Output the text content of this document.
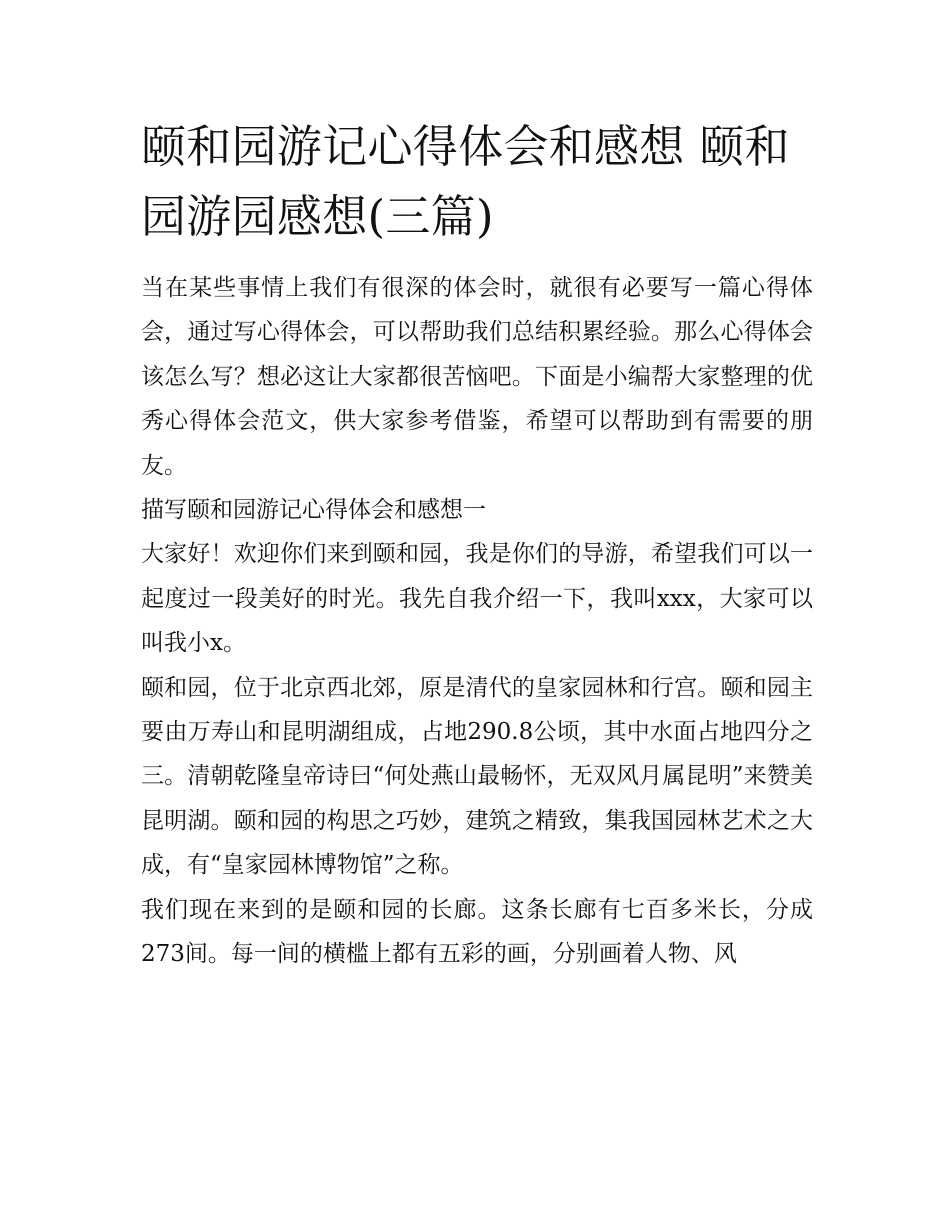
颐和园游记心得体会和感想 颐和园游园感想(三篇)

当在某些事情上我们有很深的体会时，就很有必要写一篇心得体会，通过写心得体会，可以帮助我们总结积累经验。那么心得体会该怎么写？想必这让大家都很苦恼吧。下面是小编帮大家整理的优秀心得体会范文，供大家参考借鉴，希望可以帮助到有需要的朋友。

描写颐和园游记心得体会和感想一

大家好！欢迎你们来到颐和园，我是你们的导游，希望我们可以一起度过一段美好的时光。我先自我介绍一下，我叫xxx，大家可以叫我小x。

颐和园，位于北京西北郊，原是清代的皇家园林和行宫。颐和园主要由万寿山和昆明湖组成，占地290.8公顷，其中水面占地四分之三。清朝乾隆皇帝诗曰“何处燕山最畅怀，无双风月属昆明”来赞美昆明湖。颐和园的构思之巧妙，建筑之精致，集我国园林艺术之大成，有“皇家园林博物馆”之称。

我们现在来到的是颐和园的长廊。这条长廊有七百多米长，分成273间。每一间的横槛上都有五彩的画，分别画着人物、风
